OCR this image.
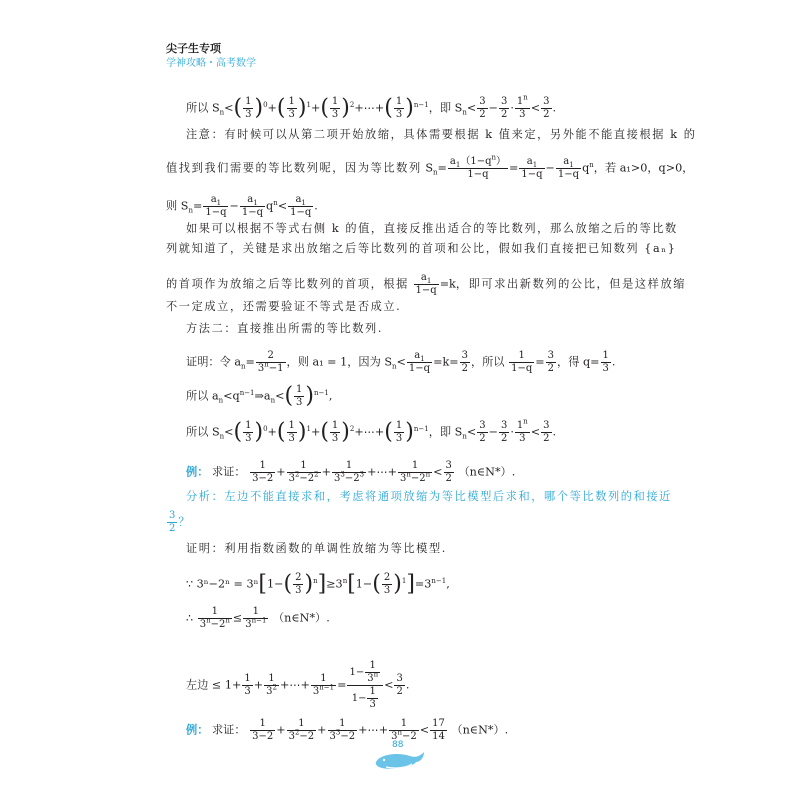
尖子生专项
学神攻略・高考数学
所以 $S_n<( \frac{1}{3} )^0+( \frac{1}{3} )^1+( \frac{1}{3}$ )$^2+\cdots+( \frac{1}{3} )^{n-1}$，即 $S_n< \frac{3}{2} - \frac{3}{2} \cdot \frac{1^n}{3} < \frac{3}{2}$ .
注意：有时候可以从第二项开始放缩，具体需要根据 k 值来定，另外能不能直接根据 k 的
值找到我们需要的等比数列呢，因为等比数列 $S_n= \frac{a_1(1-q^n)}{1-q} = \frac{a_1}{1-q} - \frac{a_1}{1-q} q^n$，若 a₁>0，q>0，
则 $S_n= \frac{a_1}{1-q} - \frac{a_1}{1-q} q^n< \frac{a_1}{1-q}$ .
如果可以根据不等式右侧 k 的值，直接反推出适合的等比数列，那么放缩之后的等比数
列就知道了，关键是求出放缩之后等比数列的首项和公比，假如我们直接把已知数列 {aₙ}
的首项作为放缩之后等比数列的首项，根据 $\frac{a_1}{1-q} =k$，即可求出新数列的公比，但是这样放缩
不一定成立，还需要验证不等式是否成立.
方法二：直接推出所需的等比数列.
证明：令 $a_n= \frac{2}{3^n-1}$ ，则 a₁ = 1，因为 $S_n< \frac{a_1}{1-q} =k= \frac{3}{2}$ ，所以 $\frac{1}{1-q} = \frac{3}{2}$ ，得 $q= \frac{1}{3}$ .
所以 $a_n<q^{n-1}\Rightarrow a_n<( \frac{1}{3} )^{n-1}$,
所以 $S_n<( \frac{1}{3} )^0+( \frac{1}{3} )^1+( \frac{1}{3}$ )$^2+\cdots+( \frac{1}{3} )^{n-1}$，即 $S_n< \frac{3}{2} - \frac{3}{2} \cdot \frac{1^n}{3} < \frac{3}{2}$ .
例： 求证： $\frac{1}{3-2} + \frac{1}{3^2-2^2} + \frac{1}{3^3-2^3}$ +⋯+ $\frac{1}{3^n-2^n} < \frac{3}{2}$ （n∈N*）.
分析：左边不能直接求和，考虑将通项放缩为等比模型后求和，哪个等比数列的和接近
$\frac{3}{2}$ ？
证明：利用指数函数的单调性放缩为等比模型.
∵ $3^n-2^n = 3^n[1-( \frac{2}{3} )^n]\ge 3^n[1-( \frac{2}{3} )^1]=3^{n-1}$,
∴ $\frac{1}{3^n-2^n} \le \frac{1}{3^{n-1}}$ （n∈N*）.
左边 ≤ $1+ \frac{1}{3} + \frac{1}{3^2}$ +⋯+ $\frac{1}{3^{n-1}} = \frac{1- \frac{1}{3^n}}{1- \frac{1}{3}} < \frac{3}{2}$ .
例： 求证： $\frac{1}{3-2} + \frac{1}{3^2-2} + \frac{1}{3^3-2}$ +⋯+ $\frac{1}{3^n-2} < \frac{17}{14}$ （n∈N*）.
88
